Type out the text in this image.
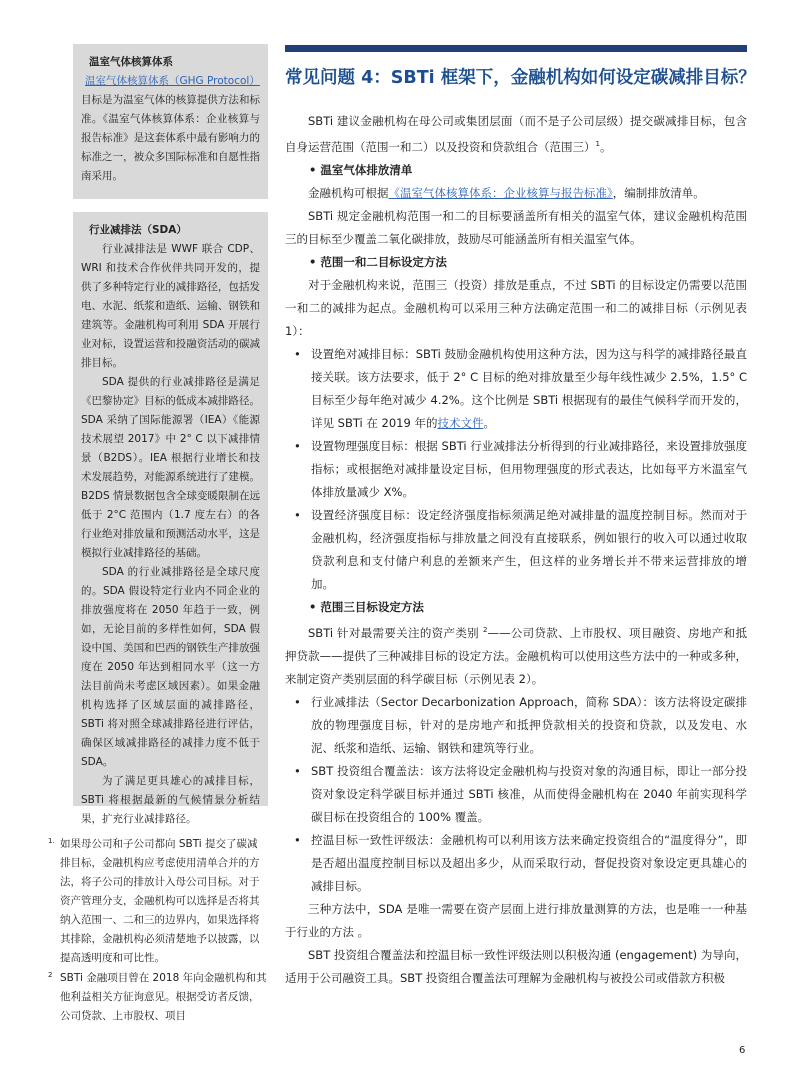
温室气体核算体系

温室气体核算体系（GHG Protocol）

目标是为温室气体的核算提供方法和标准。《温室气体核算体系：企业核算与报告标准》是这套体系中最有影响力的标准之一，被众多国际标准和自愿性指南采用。

行业减排法（SDA）

行业减排法是 WWF 联合 CDP、WRI 和技术合作伙伴共同开发的，提供了多种特定行业的减排路径，包括发电、水泥、纸浆和造纸、运输、钢铁和建筑等。金融机构可利用 SDA 开展行业对标，设置运营和投融资活动的碳减排目标。

SDA 提供的行业减排路径是满足《巴黎协定》目标的低成本减排路径。SDA 采纳了国际能源署（IEA）《能源技术展望 2017》中 2° C 以下减排情景（B2DS）。IEA 根据行业增长和技术发展趋势，对能源系统进行了建模。B2DS 情景数据包含全球变暖限制在远低于 2°C 范围内（1.7 度左右）的各行业绝对排放量和预测活动水平，这是模拟行业减排路径的基础。

SDA 的行业减排路径是全球尺度的。SDA 假设特定行业内不同企业的排放强度将在 2050 年趋于一致，例如，无论目前的多样性如何，SDA 假设中国、美国和巴西的钢铁生产排放强度在 2050 年达到相同水平（这一方法目前尚未考虑区域因素）。如果金融机构选择了区域层面的减排路径，SBTi 将对照全球减排路径进行评估，确保区域减排路径的减排力度不低于 SDA。

为了满足更具雄心的减排目标，SBTi 将根据最新的气候情景分析结果，扩充行业减排路径。

1. 如果母公司和子公司都向 SBTi 提交了碳减排目标，金融机构应考虑使用清单合并的方法，将子公司的排放计入母公司目标。对于资产管理分支，金融机构可以选择是否将其纳入范围一、二和三的边界内，如果选择将其排除，金融机构必须清楚地予以披露，以提高透明度和可比性。

2 SBTi 金融项目曾在 2018 年向金融机构和其他利益相关方征询意见。根据受访者反馈，公司贷款、上市股权、项目

常见问题 4：SBTi 框架下，金融机构如何设定碳减排目标？

SBTi 建议金融机构在母公司或集团层面（而不是子公司层级）提交碳减排目标，包含自身运营范围（范围一和二）以及投资和贷款组合（范围三）$^1$。

• 温室气体排放清单

金融机构可根据《温室气体核算体系：企业核算与报告标准》，编制排放清单。

SBTi 规定金融机构范围一和二的目标要涵盖所有相关的温室气体，建议金融机构范围三的目标至少覆盖二氧化碳排放，鼓励尽可能涵盖所有相关温室气体。

• 范围一和二目标设定方法

对于金融机构来说，范围三（投资）排放是重点，不过 SBTi 的目标设定仍需要以范围一和二的减排为起点。金融机构可以采用三种方法确定范围一和二的减排目标（示例见表 1）：

• 设置绝对减排目标：SBTi 鼓励金融机构使用这种方法，因为这与科学的减排路径最直接关联。该方法要求，低于 2° C 目标的绝对排放量至少每年线性减少 2.5%，1.5° C 目标至少每年绝对减少 4.2%。这个比例是 SBTi 根据现有的最佳气候科学而开发的，详见 SBTi 在 2019 年的技术文件。

• 设置物理强度目标：根据 SBTi 行业减排法分析得到的行业减排路径，来设置排放强度指标；或根据绝对减排量设定目标，但用物理强度的形式表达，比如每平方米温室气体排放量减少 X%。

• 设置经济强度目标：设定经济强度指标须满足绝对减排量的温度控制目标。然而对于金融机构，经济强度指标与排放量之间没有直接联系，例如银行的收入可以通过收取贷款利息和支付储户利息的差额来产生，但这样的业务增长并不带来运营排放的增加。

• 范围三目标设定方法

SBTi 针对最需要关注的资产类别 $^2$——公司贷款、上市股权、项目融资、房地产和抵押贷款——提供了三种减排目标的设定方法。金融机构可以使用这些方法中的一种或多种，来制定资产类别层面的科学碳目标（示例见表 2）。

• 行业减排法（Sector Decarbonization Approach，简称 SDA）：该方法将设定碳排放的物理强度目标，针对的是房地产和抵押贷款相关的投资和贷款，以及发电、水泥、纸浆和造纸、运输、钢铁和建筑等行业。

• SBT 投资组合覆盖法：该方法将设定金融机构与投资对象的沟通目标，即让一部分投资对象设定科学碳目标并通过 SBTi 核准，从而使得金融机构在 2040 年前实现科学碳目标在投资组合的 100% 覆盖。

• 控温目标一致性评级法：金融机构可以利用该方法来确定投资组合的“温度得分”，即是否超出温度控制目标以及超出多少，从而采取行动，督促投资对象设定更具雄心的减排目标。

三种方法中，SDA 是唯一需要在资产层面上进行排放量测算的方法，也是唯一一种基于行业的方法 。

SBT 投资组合覆盖法和控温目标一致性评级法则以积极沟通 (engagement) 为导向，适用于公司融资工具。SBT 投资组合覆盖法可理解为金融机构与被投公司或借款方积极

6
